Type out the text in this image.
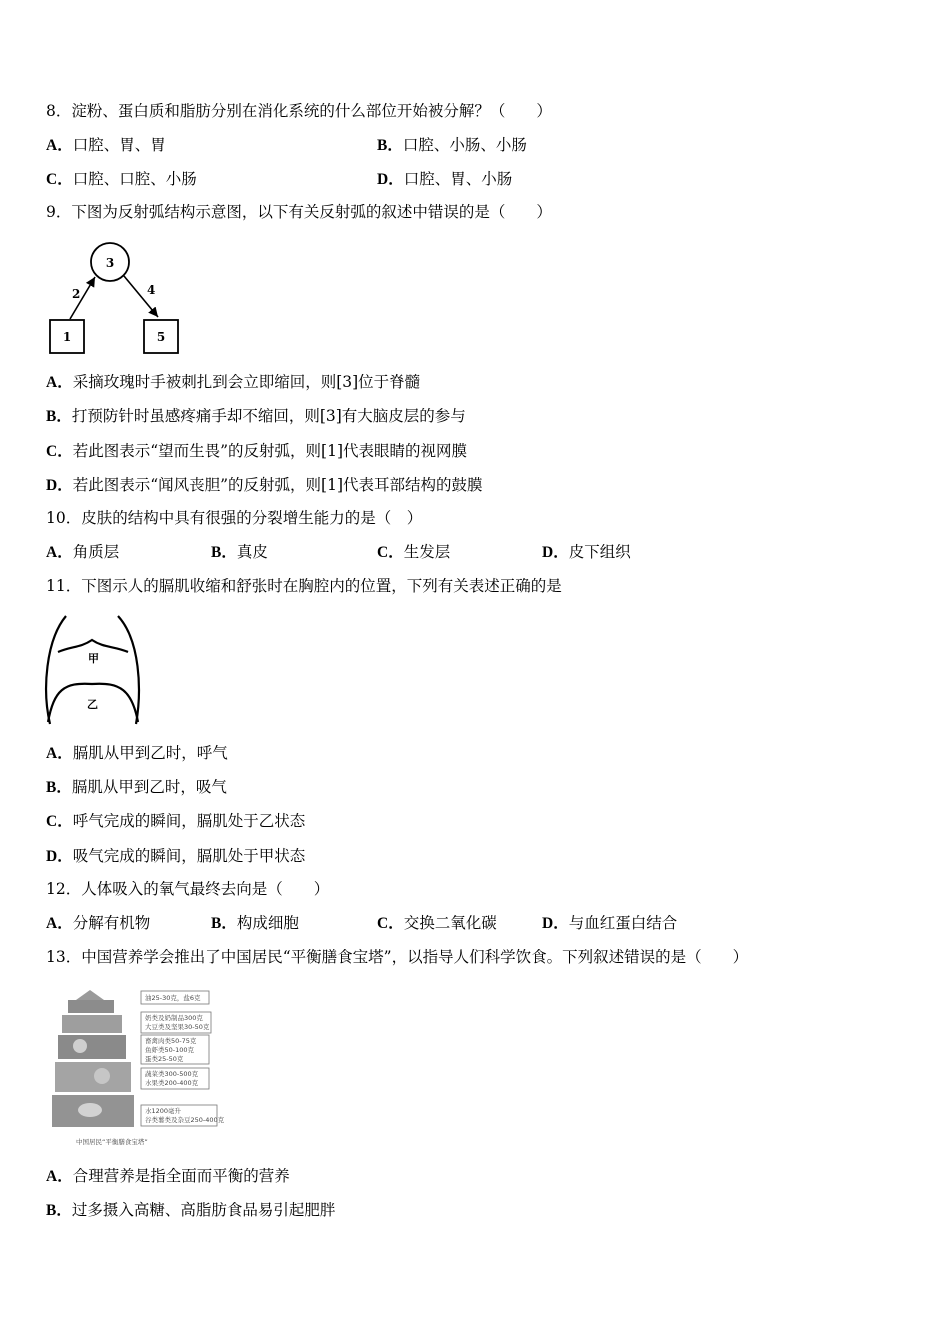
8．淀粉、蛋白质和脂肪分别在消化系统的什么部位开始被分解？（　　）
A．口腔、胃、胃	B．口腔、小肠、小肠
C．口腔、口腔、小肠	D．口腔、胃、小肠
9．下图为反射弧结构示意图，以下有关反射弧的叙述中错误的是（　　）
3
1	5
2	4
A．采摘玫瑰时手被刺扎到会立即缩回，则[3]位于脊髓
B．打预防针时虽感疼痛手却不缩回，则[3]有大脑皮层的参与
C．若此图表示“望而生畏”的反射弧，则[1]代表眼睛的视网膜
D．若此图表示“闻风丧胆”的反射弧，则[1]代表耳部结构的鼓膜
10．皮肤的结构中具有很强的分裂增生能力的是（　）
A．角质层	B．真皮	C．生发层	D．皮下组织
11．下图示人的膈肌收缩和舒张时在胸腔内的位置，下列有关表述正确的是
甲
乙
A．膈肌从甲到乙时，呼气
B．膈肌从甲到乙时，吸气
C．呼气完成的瞬间，膈肌处于乙状态
D．吸气完成的瞬间，膈肌处于甲状态
12．人体吸入的氧气最终去向是（　　）
A．分解有机物	B．构成细胞	C．交换二氧化碳	D．与血红蛋白结合
13．中国营养学会推出了中国居民“平衡膳食宝塔”，以指导人们科学饮食。下列叙述错误的是（　　）
油25-30克，盐6克
奶类及奶制品300克
大豆类及坚果30-50克
畜禽肉类50-75克
鱼虾类50-100克
蛋类25-50克
蔬菜类300-500克
水果类200-400克
水1200毫升
谷类薯类及杂豆250-400克
中国居民“平衡膳食宝塔”
A．合理营养是指全面而平衡的营养
B．过多摄入高糖、高脂肪食品易引起肥胖
